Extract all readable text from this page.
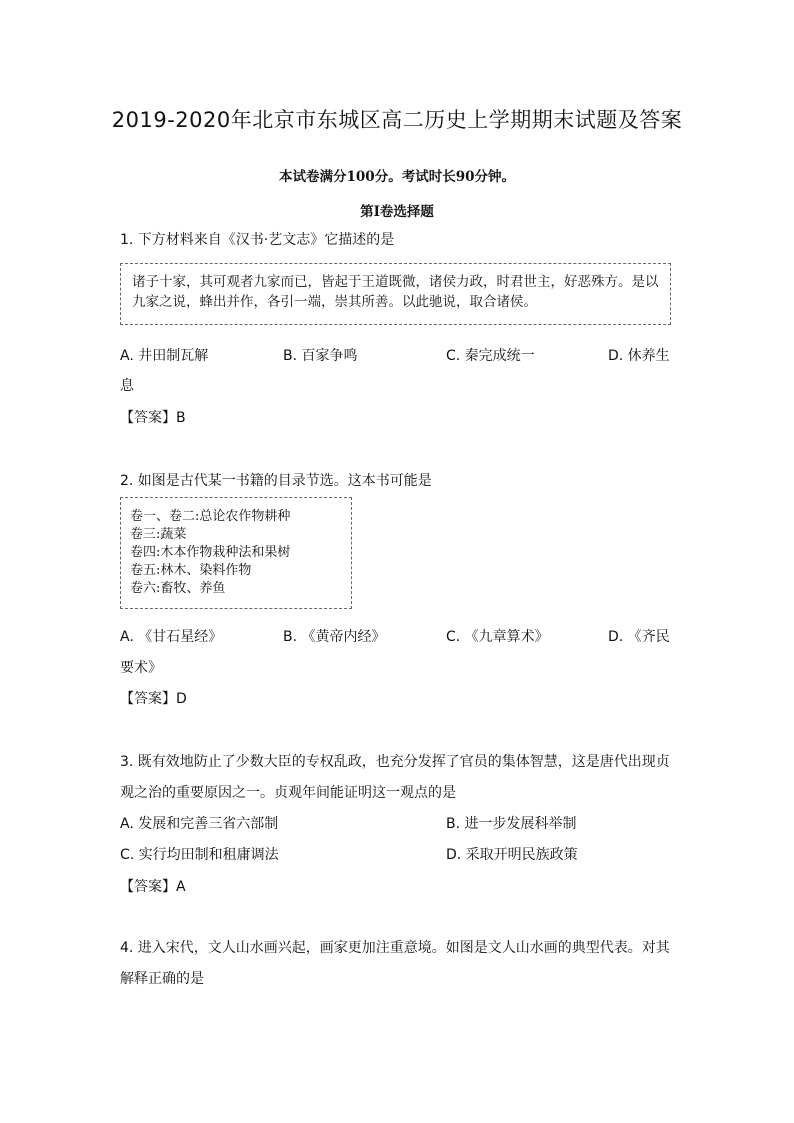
2019-2020年北京市东城区高二历史上学期期末试题及答案
本试卷满分100分。考试时长90分钟。
第I卷选择题
1. 下方材料来自《汉书·艺文志》它描述的是
诸子十家，其可观者九家而已，皆起于王道既微，诸侯力政，时君世主，好恶殊方。是以
九家之说，蜂出并作，各引一端，崇其所善。以此驰说，取合诸侯。
A. 井田制瓦解	B. 百家争鸣	C. 秦完成统一	D. 休养生
息
【答案】B
2. 如图是古代某一书籍的目录节选。这本书可能是
卷一、卷二:总论农作物耕种
卷三:蔬菜
卷四:木本作物栽种法和果树
卷五:林木、染料作物
卷六:畜牧、养鱼
A. 《甘石星经》	B. 《黄帝内经》	C. 《九章算术》	D. 《齐民
要术》
【答案】D
3. 既有效地防止了少数大臣的专权乱政，也充分发挥了官员的集体智慧，这是唐代出现贞
观之治的重要原因之一。贞观年间能证明这一观点的是
A. 发展和完善三省六部制	B. 进一步发展科举制
C. 实行均田制和租庸调法	D. 采取开明民族政策
【答案】A
4. 进入宋代，文人山水画兴起，画家更加注重意境。如图是文人山水画的典型代表。对其
解释正确的是
